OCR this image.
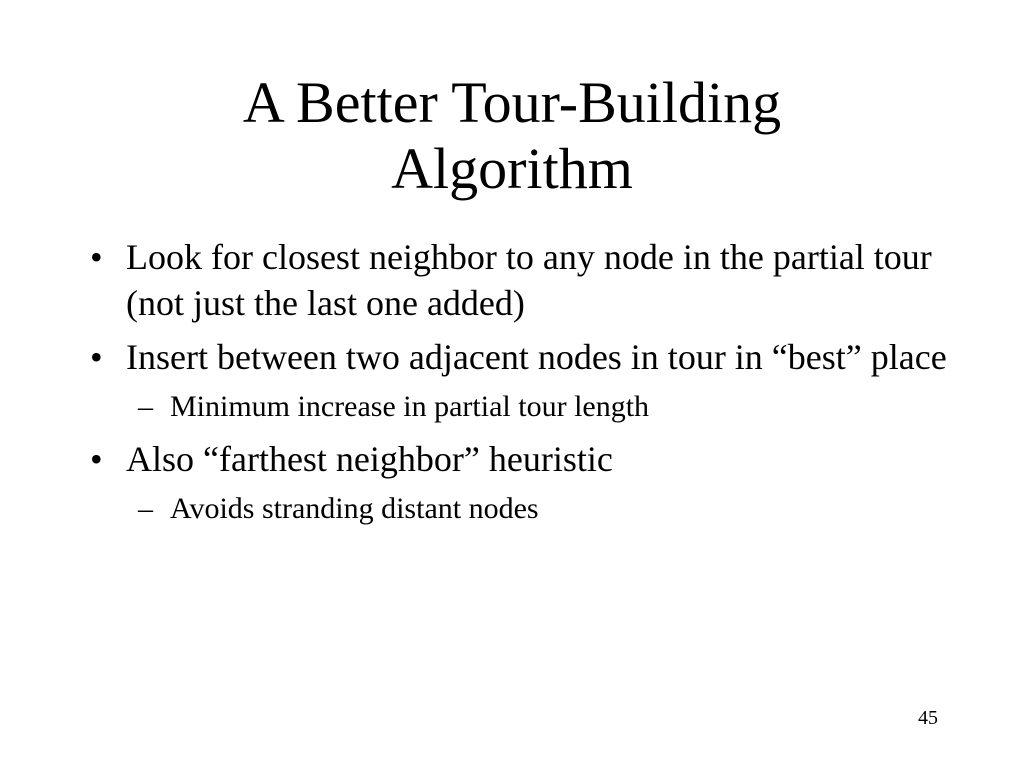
A Better Tour-Building
Algorithm
• Look for closest neighbor to any node in the partial tour (not just the last one added)
• Insert between two adjacent nodes in tour in “best” place
– Minimum increase in partial tour length
• Also “farthest neighbor” heuristic
– Avoids stranding distant nodes
45
